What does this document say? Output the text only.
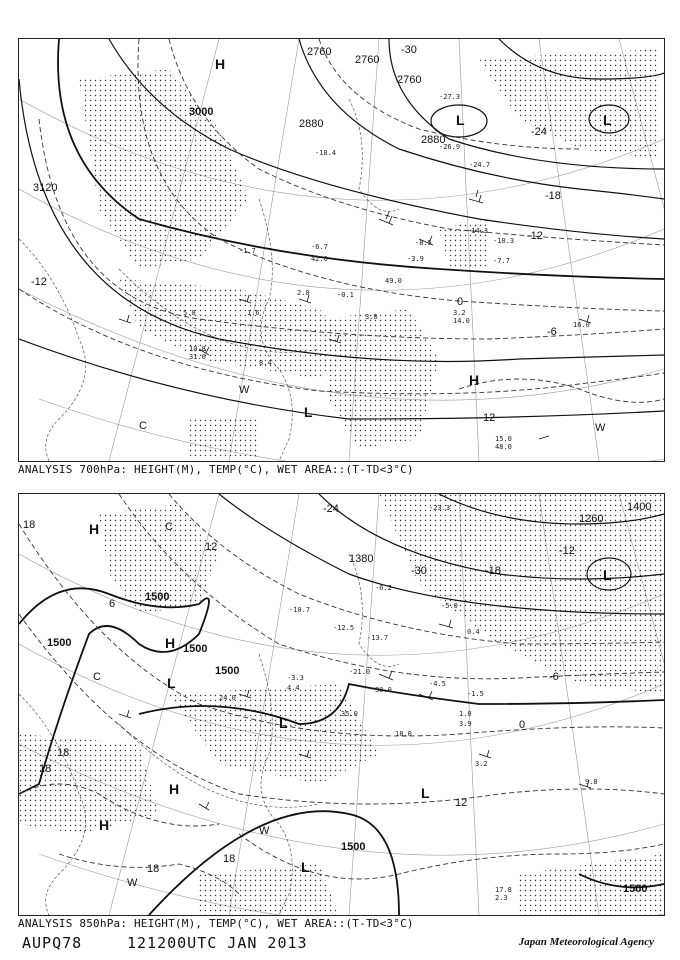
3000
3120
2760
2760
2880
2760
2880
-30
-24
-18
-12
-6
0
12
-12
H
L	L
L
H
W
W
C
-27.3
-26.9
-18.4
-24.7
-14.3
-10.3
-8.5
-7.7
-3.9
-6.7
-1.7
-0.1
3.2
3.0
15.0
10.8
8.4
5.0
2.0
1.6
31.0
14.0	16.0
48.0
42.0
49.0
ANALYSIS 700hPa: HEIGHT(M), TEMP(°C), WET AREA::(T-TD<3°C)
1500
1500
1500
1500
1500
1500
1380
1260
1400
-24
-30	-18
-12
-6
0
6
12
18
18
18
18
18
12
H
H
H
H
L
L
L
L
L
C
C
W
W
-23.3
-21.0
-13.7
-12.5
-10.7
-6.2
-5.0
-4.5
-3.3
-1.5
0.4
1.0
3.2
3.9
4.4
9.8
17.8
2.3
24.0
35.0
30.0
18.0
ANALYSIS 850hPa: HEIGHT(M), TEMP(°C), WET AREA::(T-TD<3°C)
AUPQ78	121200UTC JAN 2013	Japan Meteorological Agency
